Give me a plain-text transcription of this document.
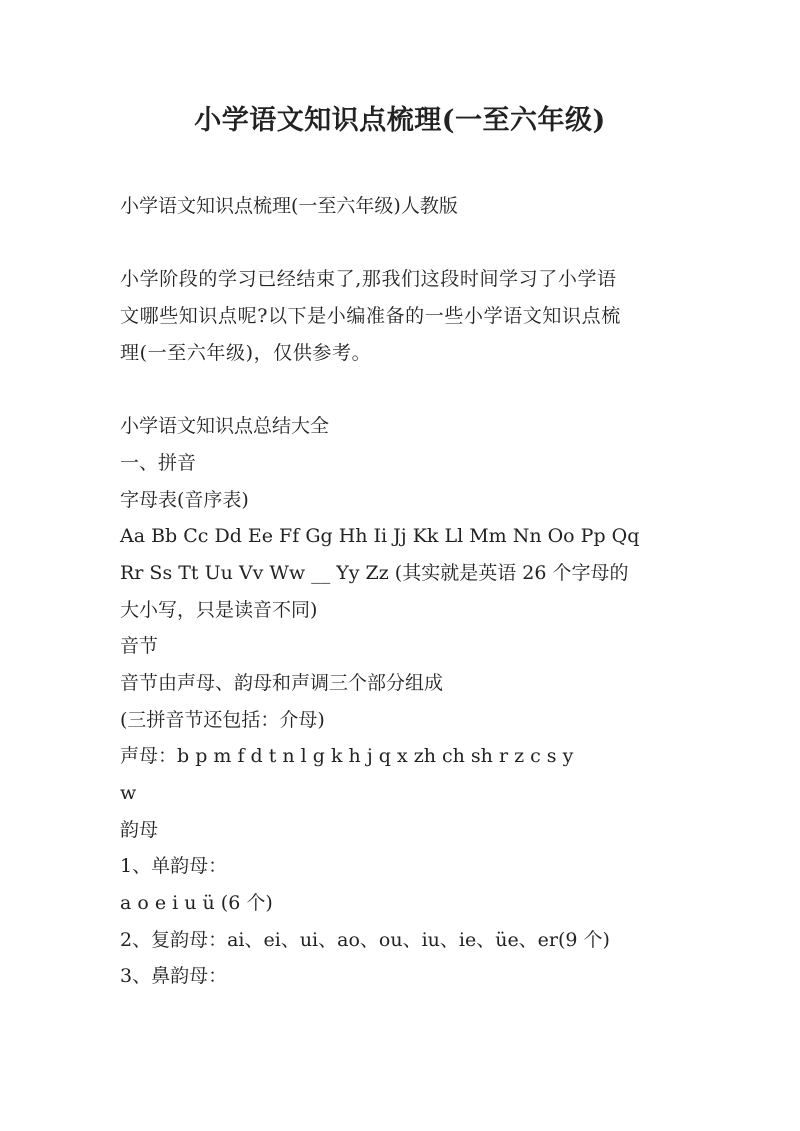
小学语文知识点梳理(一至六年级)
小学语文知识点梳理(一至六年级)人教版
小学阶段的学习已经结束了,那我们这段时间学习了小学语
文哪些知识点呢?以下是小编准备的一些小学语文知识点梳
理(一至六年级)，仅供参考。
小学语文知识点总结大全
一、拼音
字母表(音序表)
Aa Bb Cc Dd Ee Ff Gg Hh Ii Jj Kk Ll Mm Nn Oo Pp Qq
Rr Ss Tt Uu Vv Ww __ Yy Zz (其实就是英语 26 个字母的
大小写，只是读音不同)
音节
音节由声母、韵母和声调三个部分组成
(三拼音节还包括：介母)
声母：b p m f d t n l g k h j q x zh ch sh r z c s y
w
韵母
1、单韵母：
a o e i u ü (6 个)
2、复韵母：ai、ei、ui、ao、ou、iu、ie、üe、er(9 个)
3、鼻韵母：
